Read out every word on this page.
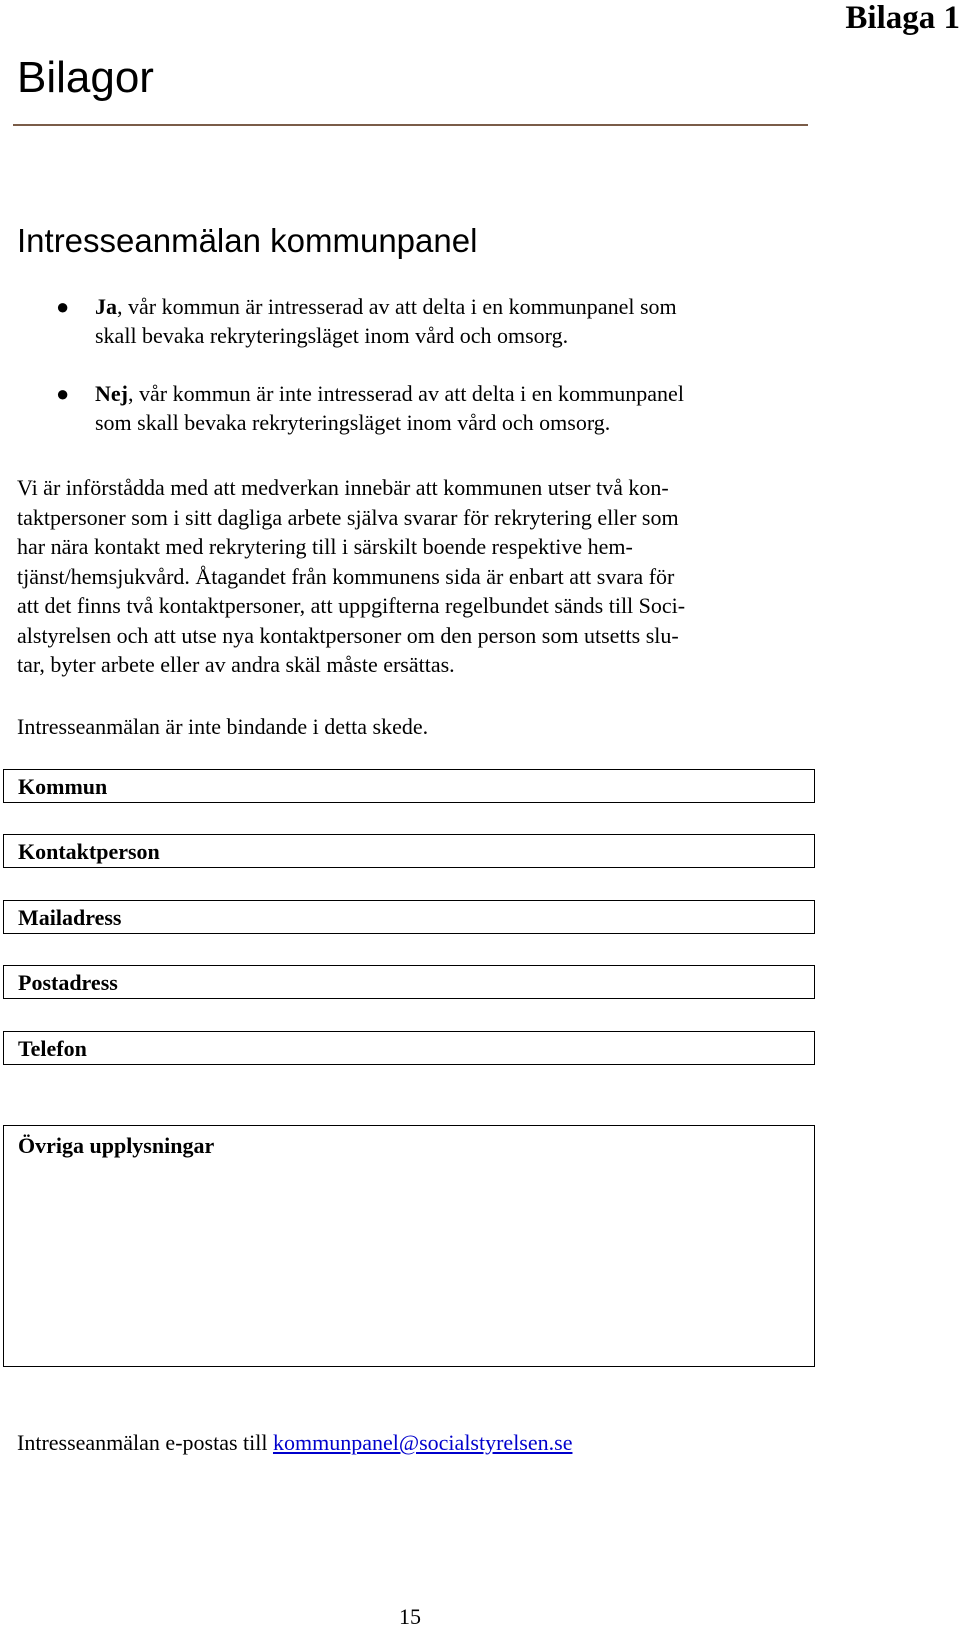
Bilaga 1
Bilagor
Intresseanmälan kommunpanel
●	Ja, vår kommun är intresserad av att delta i en kommunpanel som
skall bevaka rekryteringsläget inom vård och omsorg.
●	Nej, vår kommun är inte intresserad av att delta i en kommunpanel
som skall bevaka rekryteringsläget inom vård och omsorg.
Vi är införstådda med att medverkan innebär att kommunen utser två kon-
taktpersoner som i sitt dagliga arbete själva svarar för rekrytering eller som
har nära kontakt med rekrytering till i särskilt boende respektive hem-
tjänst/hemsjukvård. Åtagandet från kommunens sida är enbart att svara för
att det finns två kontaktpersoner, att uppgifterna regelbundet sänds till Soci-
alstyrelsen och att utse nya kontaktpersoner om den person som utsetts slu-
tar, byter arbete eller av andra skäl måste ersättas.
Intresseanmälan är inte bindande i detta skede.
Kommun
Kontaktperson
Mailadress
Postadress
Telefon
Övriga upplysningar
Intresseanmälan e-postas till kommunpanel@socialstyrelsen.se
15
